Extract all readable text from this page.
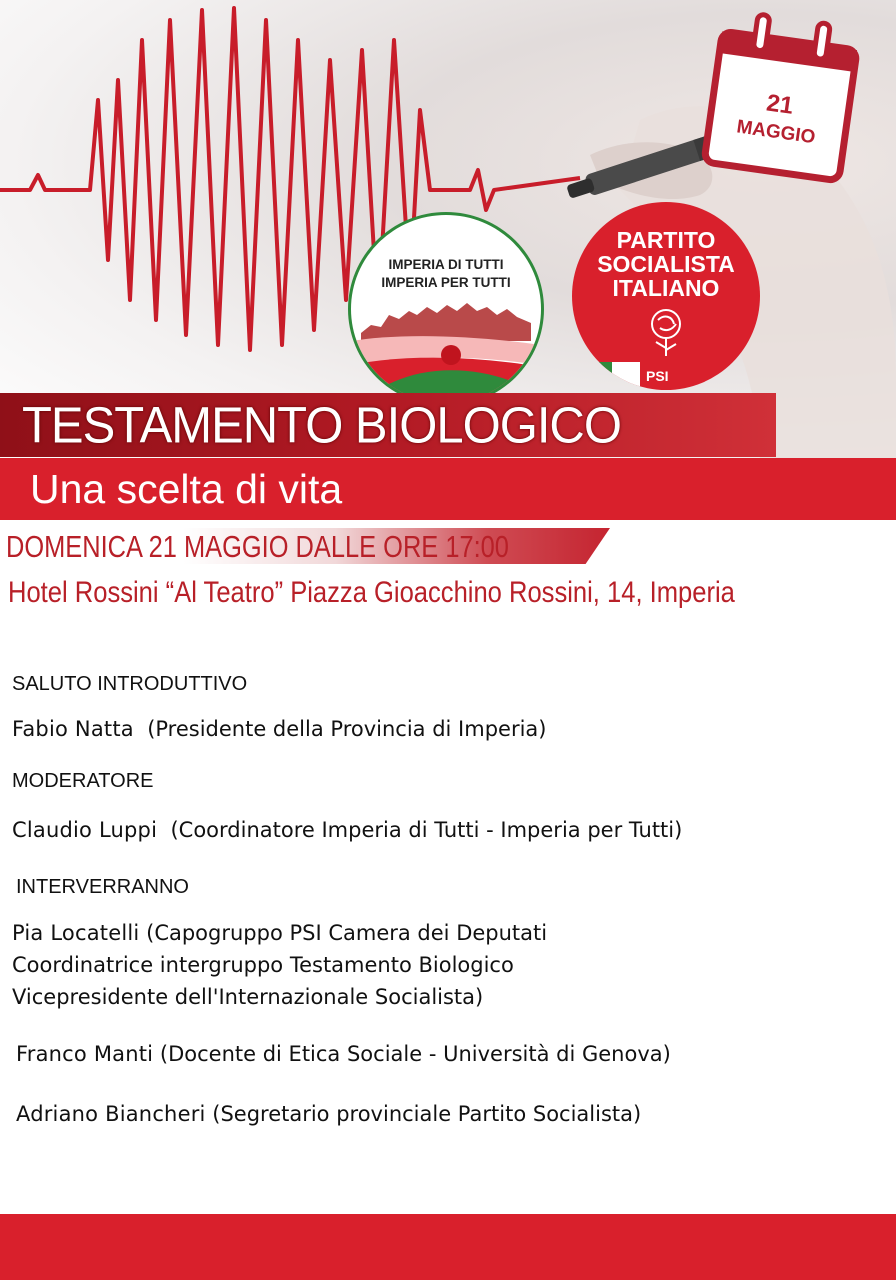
21
MAGGIO
IMPERIA DI TUTTI
IMPERIA PER TUTTI
PARTITO
SOCIALISTA
ITALIANO
PSI
TESTAMENTO BIOLOGICO
Una scelta di vita
DOMENICA 21 MAGGIO DALLE ORE 17:00
Hotel Rossini “Al Teatro” Piazza Gioacchino Rossini, 14, Imperia
SALUTO INTRODUTTIVO
Fabio Natta (Presidente della Provincia di Imperia)
MODERATORE
Claudio Luppi (Coordinatore Imperia di Tutti - Imperia per Tutti)
INTERVERRANNO
Pia Locatelli (Capogruppo PSI Camera dei Deputati
Coordinatrice intergruppo Testamento Biologico
Vicepresidente dell'Internazionale Socialista)
Franco Manti (Docente di Etica Sociale - Università di Genova)
Adriano Biancheri (Segretario provinciale Partito Socialista)
